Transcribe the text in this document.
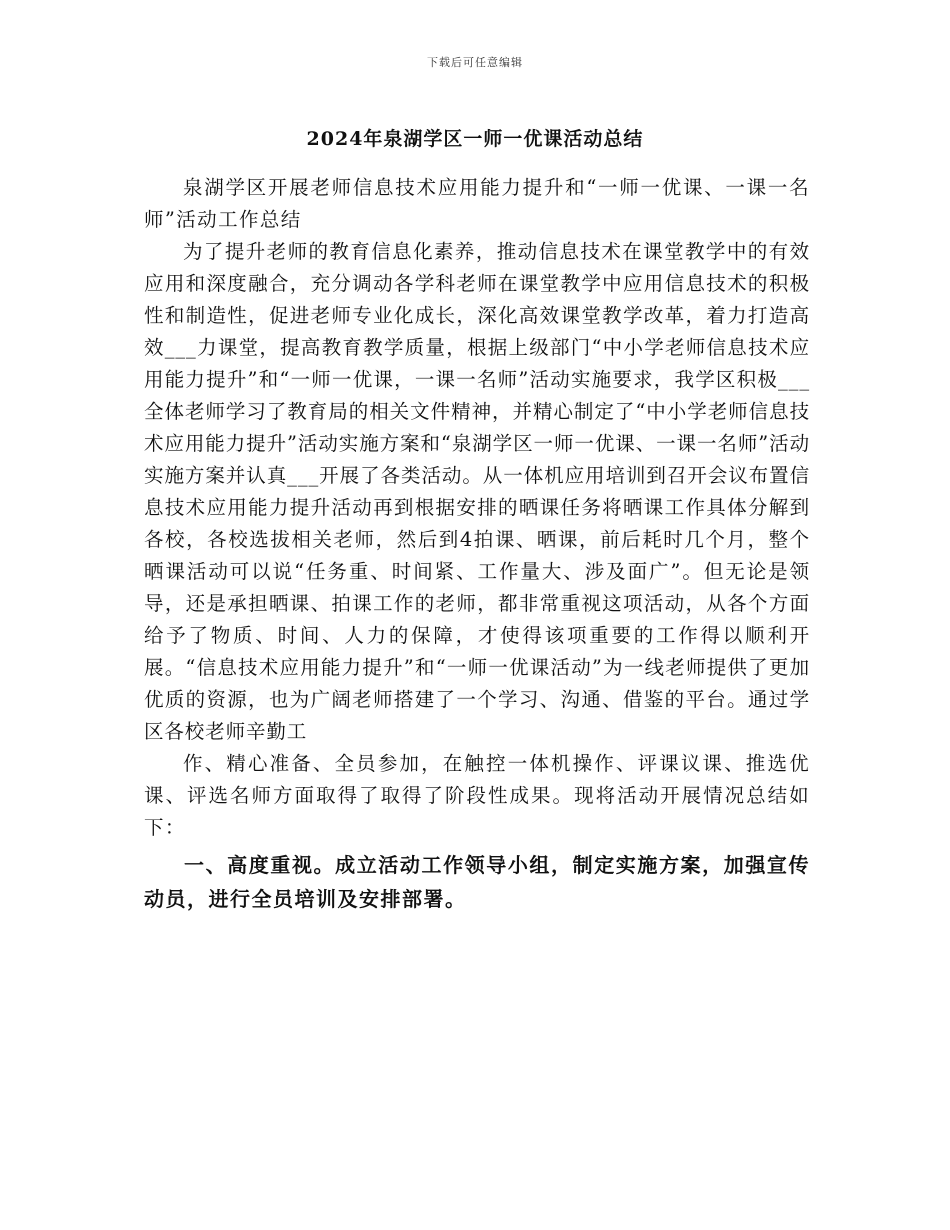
下载后可任意编辑
2024年泉湖学区一师一优课活动总结

泉湖学区开展老师信息技术应用能力提升和“一师一优课、一课一名师”活动工作总结

为了提升老师的教育信息化素养，推动信息技术在课堂教学中的有效应用和深度融合，充分调动各学科老师在课堂教学中应用信息技术的积极性和制造性，促进老师专业化成长，深化高效课堂教学改革，着力打造高效___力课堂，提高教育教学质量，根据上级部门“中小学老师信息技术应用能力提升”和“一师一优课，一课一名师”活动实施要求，我学区积极___全体老师学习了教育局的相关文件精神，并精心制定了“中小学老师信息技术应用能力提升”活动实施方案和“泉湖学区一师一优课、一课一名师”活动实施方案并认真___开展了各类活动。从一体机应用培训到召开会议布置信息技术应用能力提升活动再到根据安排的晒课任务将晒课工作具体分解到各校，各校选拔相关老师，然后到4拍课、晒课，前后耗时几个月，整个晒课活动可以说“任务重、时间紧、工作量大、涉及面广”。但无论是领导，还是承担晒课、拍课工作的老师，都非常重视这项活动，从各个方面给予了物质、时间、人力的保障，才使得该项重要的工作得以顺利开展。“信息技术应用能力提升”和“一师一优课活动”为一线老师提供了更加优质的资源，也为广阔老师搭建了一个学习、沟通、借鉴的平台。通过学区各校老师辛勤工

作、精心准备、全员参加，在触控一体机操作、评课议课、推选优课、评选名师方面取得了取得了阶段性成果。现将活动开展情况总结如下：

一、高度重视。成立活动工作领导小组，制定实施方案，加强宣传动员，进行全员培训及安排部署。
